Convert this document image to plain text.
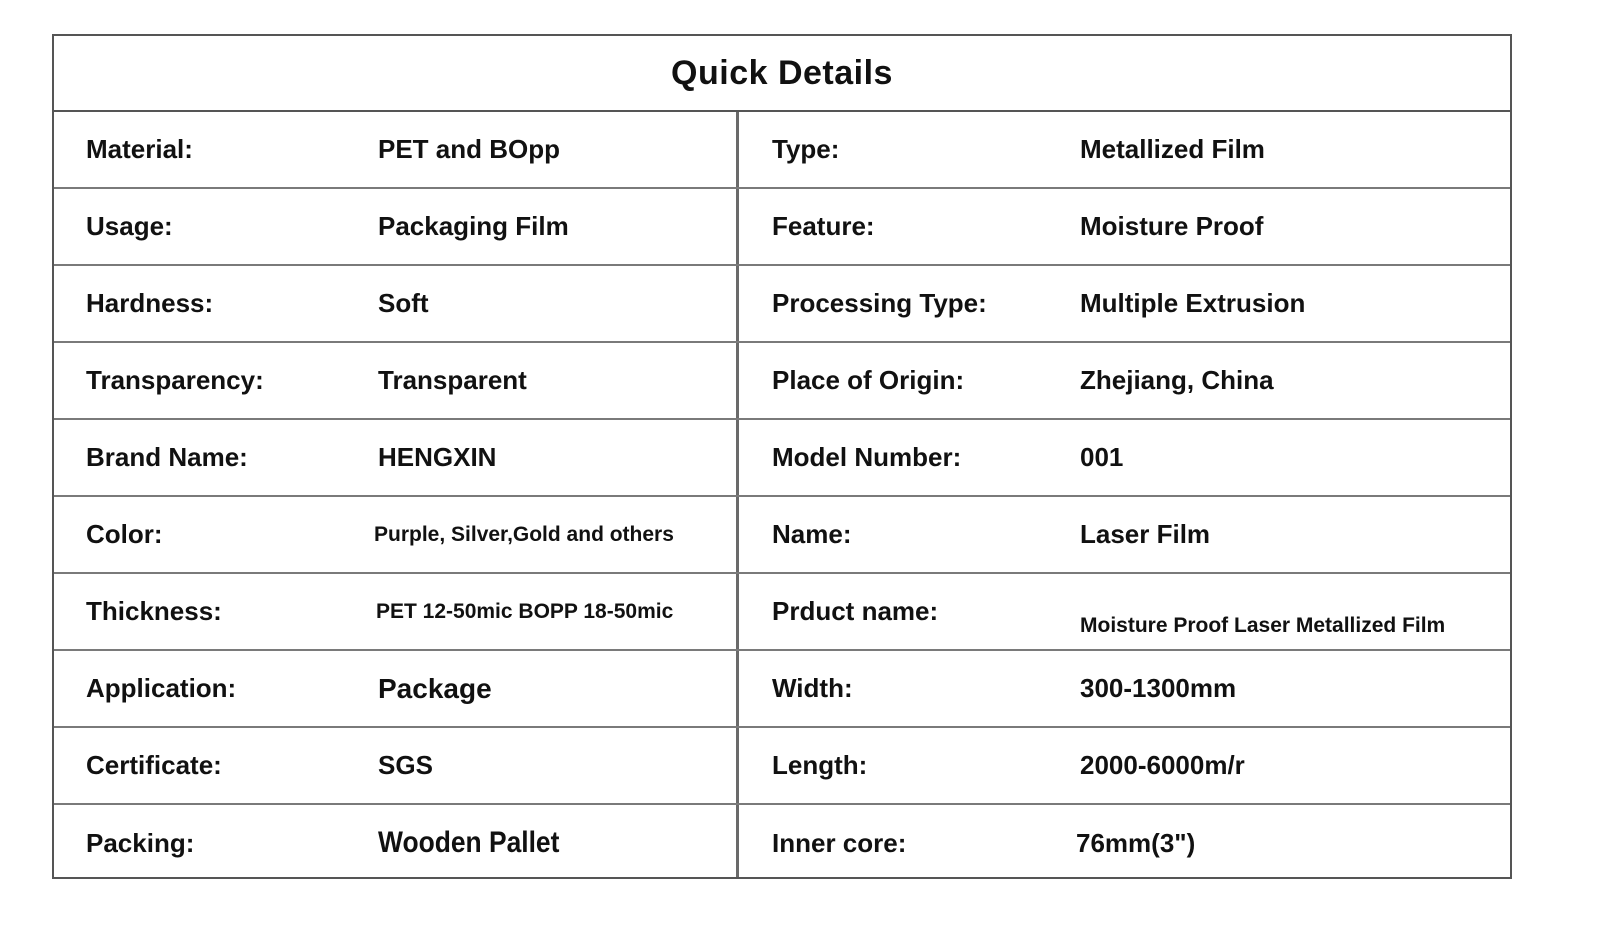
Quick Details
Material:	PET and BOpp	Type:	Metallized Film
Usage:	Packaging Film	Feature:	Moisture Proof
Hardness:	Soft	Processing Type:	Multiple Extrusion
Transparency:	Transparent	Place of Origin:	Zhejiang, China
Brand Name:	HENGXIN	Model Number:	001
Color:	Purple, Silver,Gold and others	Name:	Laser Film
Thickness:	PET 12-50mic BOPP 18-50mic	Prduct name:	Moisture Proof Laser Metallized Film
Application:	Package	Width:	300-1300mm
Certificate:	SGS	Length:	2000-6000m/r
Packing:	Wooden Pallet	Inner core:	76mm(3")
